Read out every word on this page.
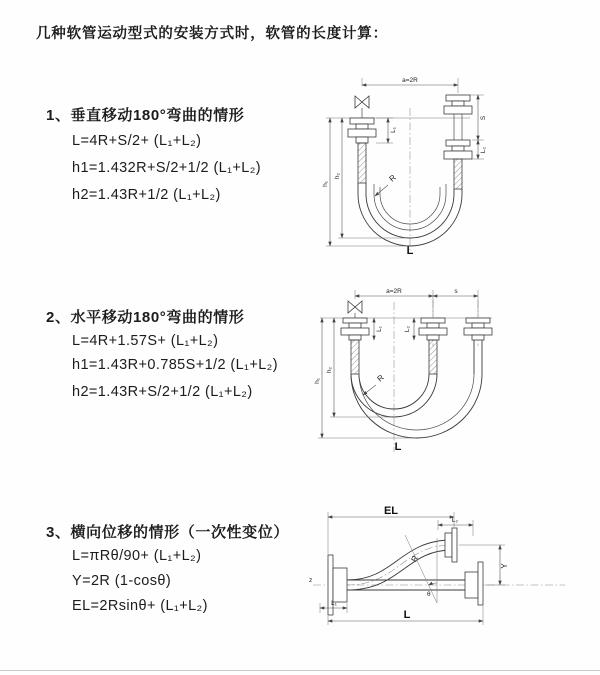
几种软管运动型式的安装方式时，软管的长度计算：
1、垂直移动180°弯曲的情形
L=4R+S/2+ (L₁+L₂)
h1=1.432R+S/2+1/2 (L₁+L₂)
h2=1.43R+1/2 (L₁+L₂)
2、水平移动180°弯曲的情形
L=4R+1.57S+ (L₁+L₂)
h1=1.43R+0.785S+1/2 (L₁+L₂)
h2=1.43R+S/2+1/2 (L₁+L₂)
3、横向位移的情形（一次性变位）
L=πRθ/90+ (L₁+L₂)
Y=2R (1-cosθ)
EL=2Rsinθ+ (L₁+L₂)
a=2R
h₁
h₂
L₁
S
L₂
R
L
a=2R	s
h₁
h₂
L₁	L₂
R
L
z
EL
L₂
Y
θ
R
L₁
L
